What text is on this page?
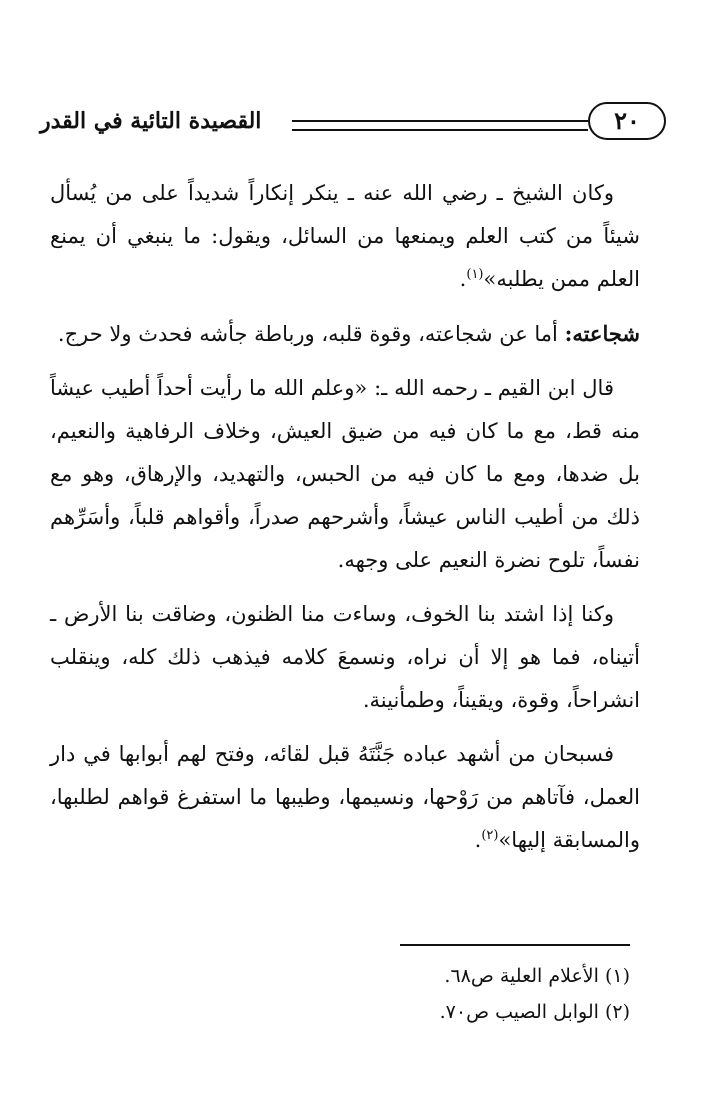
القصيدة التائية في القدر	٢٠

وكان الشيخ ـ رضي الله عنه ـ ينكر إنكاراً شديداً على من يُسأل شيئاً من كتب العلم ويمنعها من السائل، ويقول: ما ينبغي أن يمنع العلم ممن يطلبه»$^{(١)}$.

شجاعته: أما عن شجاعته، وقوة قلبه، ورباطة جأشه فحدث ولا حرج.

قال ابن القيم ـ رحمه الله ـ: «وعلم الله ما رأيت أحداً أطيب عيشاً منه قط، مع ما كان فيه من ضيق العيش، وخلاف الرفاهية والنعيم، بل ضدها، ومع ما كان فيه من الحبس، والتهديد، والإرهاق، وهو مع ذلك من أطيب الناس عيشاً، وأشرحهم صدراً، وأقواهم قلباً، وأسَرِّهم نفساً، تلوح نضرة النعيم على وجهه.

وكنا إذا اشتد بنا الخوف، وساءت منا الظنون، وضاقت بنا الأرض ـ أتيناه، فما هو إلا أن نراه، ونسمعَ كلامه فيذهب ذلك كله، وينقلب انشراحاً، وقوة، ويقيناً، وطمأنينة.

فسبحان من أشهد عباده جَنَّتَهُ قبل لقائه، وفتح لهم أبوابها في دار العمل، فآتاهم من رَوْحها، ونسيمها، وطيبها ما استفرغ قواهم لطلبها، والمسابقة إليها»$^{(٢)}$.

(١) الأعلام العلية ص٦٨.
(٢) الوابل الصيب ص٧٠.
